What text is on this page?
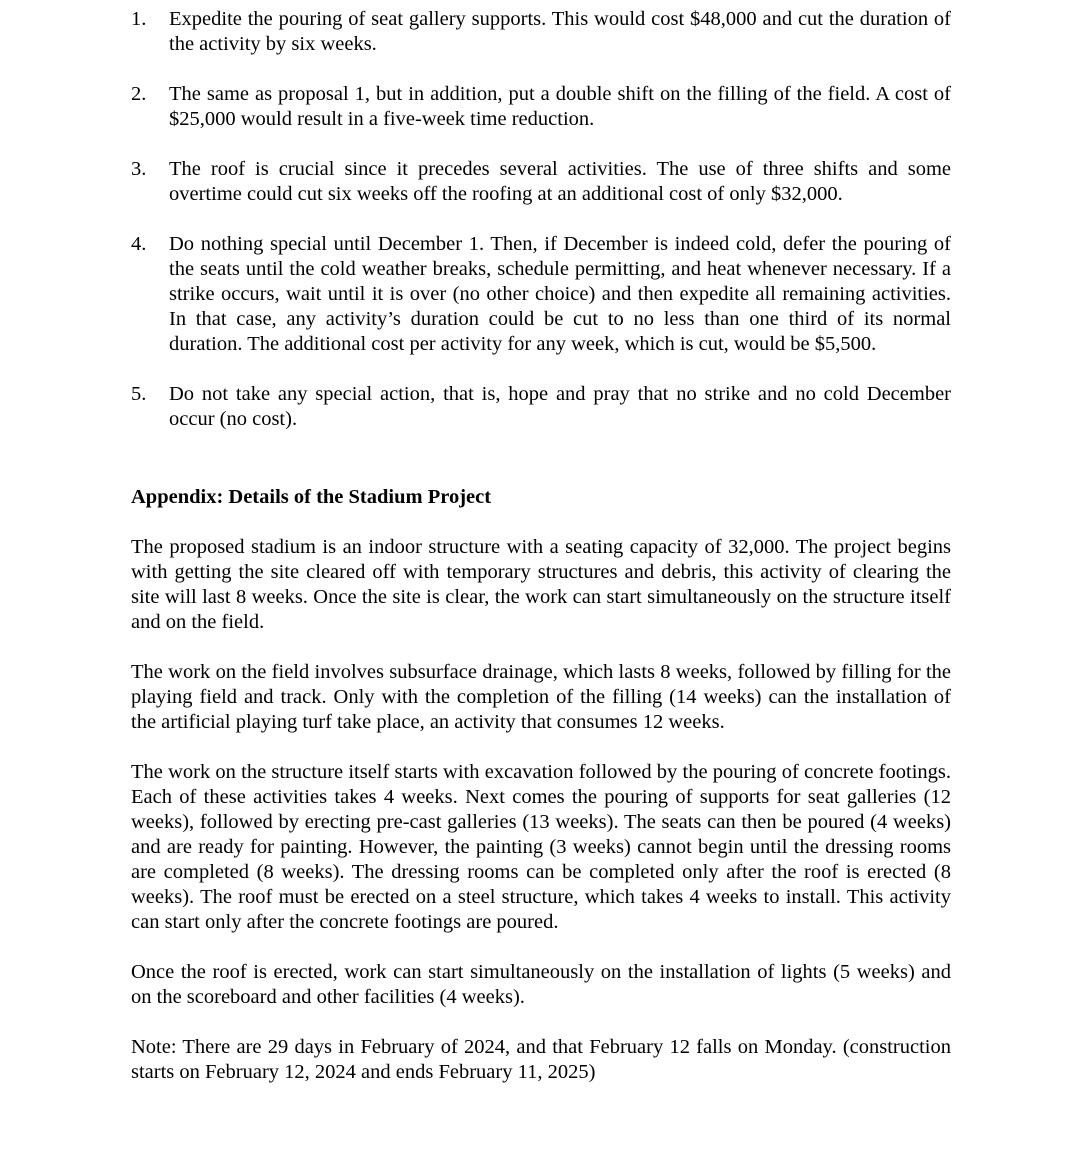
1. Expedite the pouring of seat gallery supports. This would cost $48,000 and cut the duration of the activity by six weeks.
2. The same as proposal 1, but in addition, put a double shift on the filling of the field. A cost of $25,000 would result in a five-week time reduction.
3. The roof is crucial since it precedes several activities. The use of three shifts and some overtime could cut six weeks off the roofing at an additional cost of only $32,000.
4. Do nothing special until December 1. Then, if December is indeed cold, defer the pouring of the seats until the cold weather breaks, schedule permitting, and heat whenever necessary. If a strike occurs, wait until it is over (no other choice) and then expedite all remaining activities. In that case, any activity’s duration could be cut to no less than one third of its normal duration. The additional cost per activity for any week, which is cut, would be $5,500.
5. Do not take any special action, that is, hope and pray that no strike and no cold December occur (no cost).
Appendix: Details of the Stadium Project

The proposed stadium is an indoor structure with a seating capacity of 32,000. The project begins with getting the site cleared off with temporary structures and debris, this activity of clearing the site will last 8 weeks. Once the site is clear, the work can start simultaneously on the structure itself and on the field.

The work on the field involves subsurface drainage, which lasts 8 weeks, followed by filling for the playing field and track. Only with the completion of the filling (14 weeks) can the installation of the artificial playing turf take place, an activity that consumes 12 weeks.

The work on the structure itself starts with excavation followed by the pouring of concrete footings. Each of these activities takes 4 weeks. Next comes the pouring of supports for seat galleries (12 weeks), followed by erecting pre-cast galleries (13 weeks). The seats can then be poured (4 weeks) and are ready for painting. However, the painting (3 weeks) cannot begin until the dressing rooms are completed (8 weeks). The dressing rooms can be completed only after the roof is erected (8 weeks). The roof must be erected on a steel structure, which takes 4 weeks to install. This activity can start only after the concrete footings are poured.

Once the roof is erected, work can start simultaneously on the installation of lights (5 weeks) and on the scoreboard and other facilities (4 weeks).

Note: There are 29 days in February of 2024, and that February 12 falls on Monday. (construction starts on February 12, 2024 and ends February 11, 2025)
